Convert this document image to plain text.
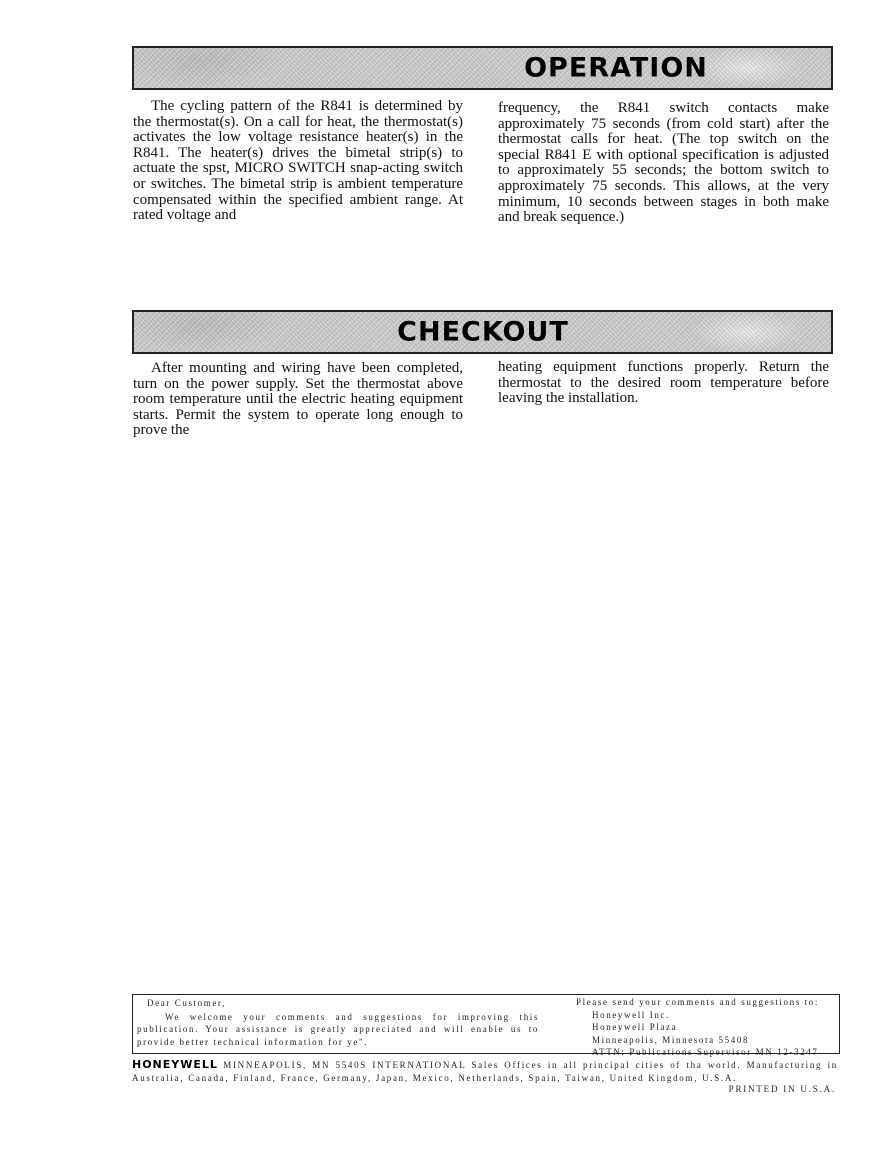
OPERATION

The cycling pattern of the R841 is determined by the thermostat(s). On a call for heat, the thermostat(s) activates the low voltage resistance heater(s) in the R841. The heater(s) drives the bimetal strip(s) to actuate the spst, MICRO SWITCH snap-acting switch or switches. The bimetal strip is ambient temperature compensated within the specified ambient range. At rated voltage and

frequency, the R841 switch contacts make approximately 75 seconds (from cold start) after the thermostat calls for heat. (The top switch on the special R841 E with optional specification is adjusted to approximately 55 seconds; the bottom switch to approximately 75 seconds. This allows, at the very minimum, 10 seconds between stages in both make and break sequence.)

CHECKOUT

After mounting and wiring have been completed, turn on the power supply. Set the thermostat above room temperature until the electric heating equipment starts. Permit the system to operate long enough to prove the

heating equipment functions properly. Return the thermostat to the desired room temperature before leaving the installation.

Dear Customer,

We welcome your comments and suggestions for improving this publication. Your assistance is greatly appreciated and will enable us to provide better technical information for ye".

Please send your comments and suggestions to:
Honeywell Inc.
Honeywell Plaza
Minneapolis, Minnesota 55408
ATTN: Publications Supervisor MN 12-3247
HONEYWELL MINNEAPOLIS, MN 5540S INTERNATIONAL Sales Offices in all principal cities of tha world. Manufacturing in Australia, Canada, Finland, France, Germany, Japan, Mexico, Netherlands, Spain, Taiwan, United Kingdom, U.S.A.
PRINTED IN U.S.A.
